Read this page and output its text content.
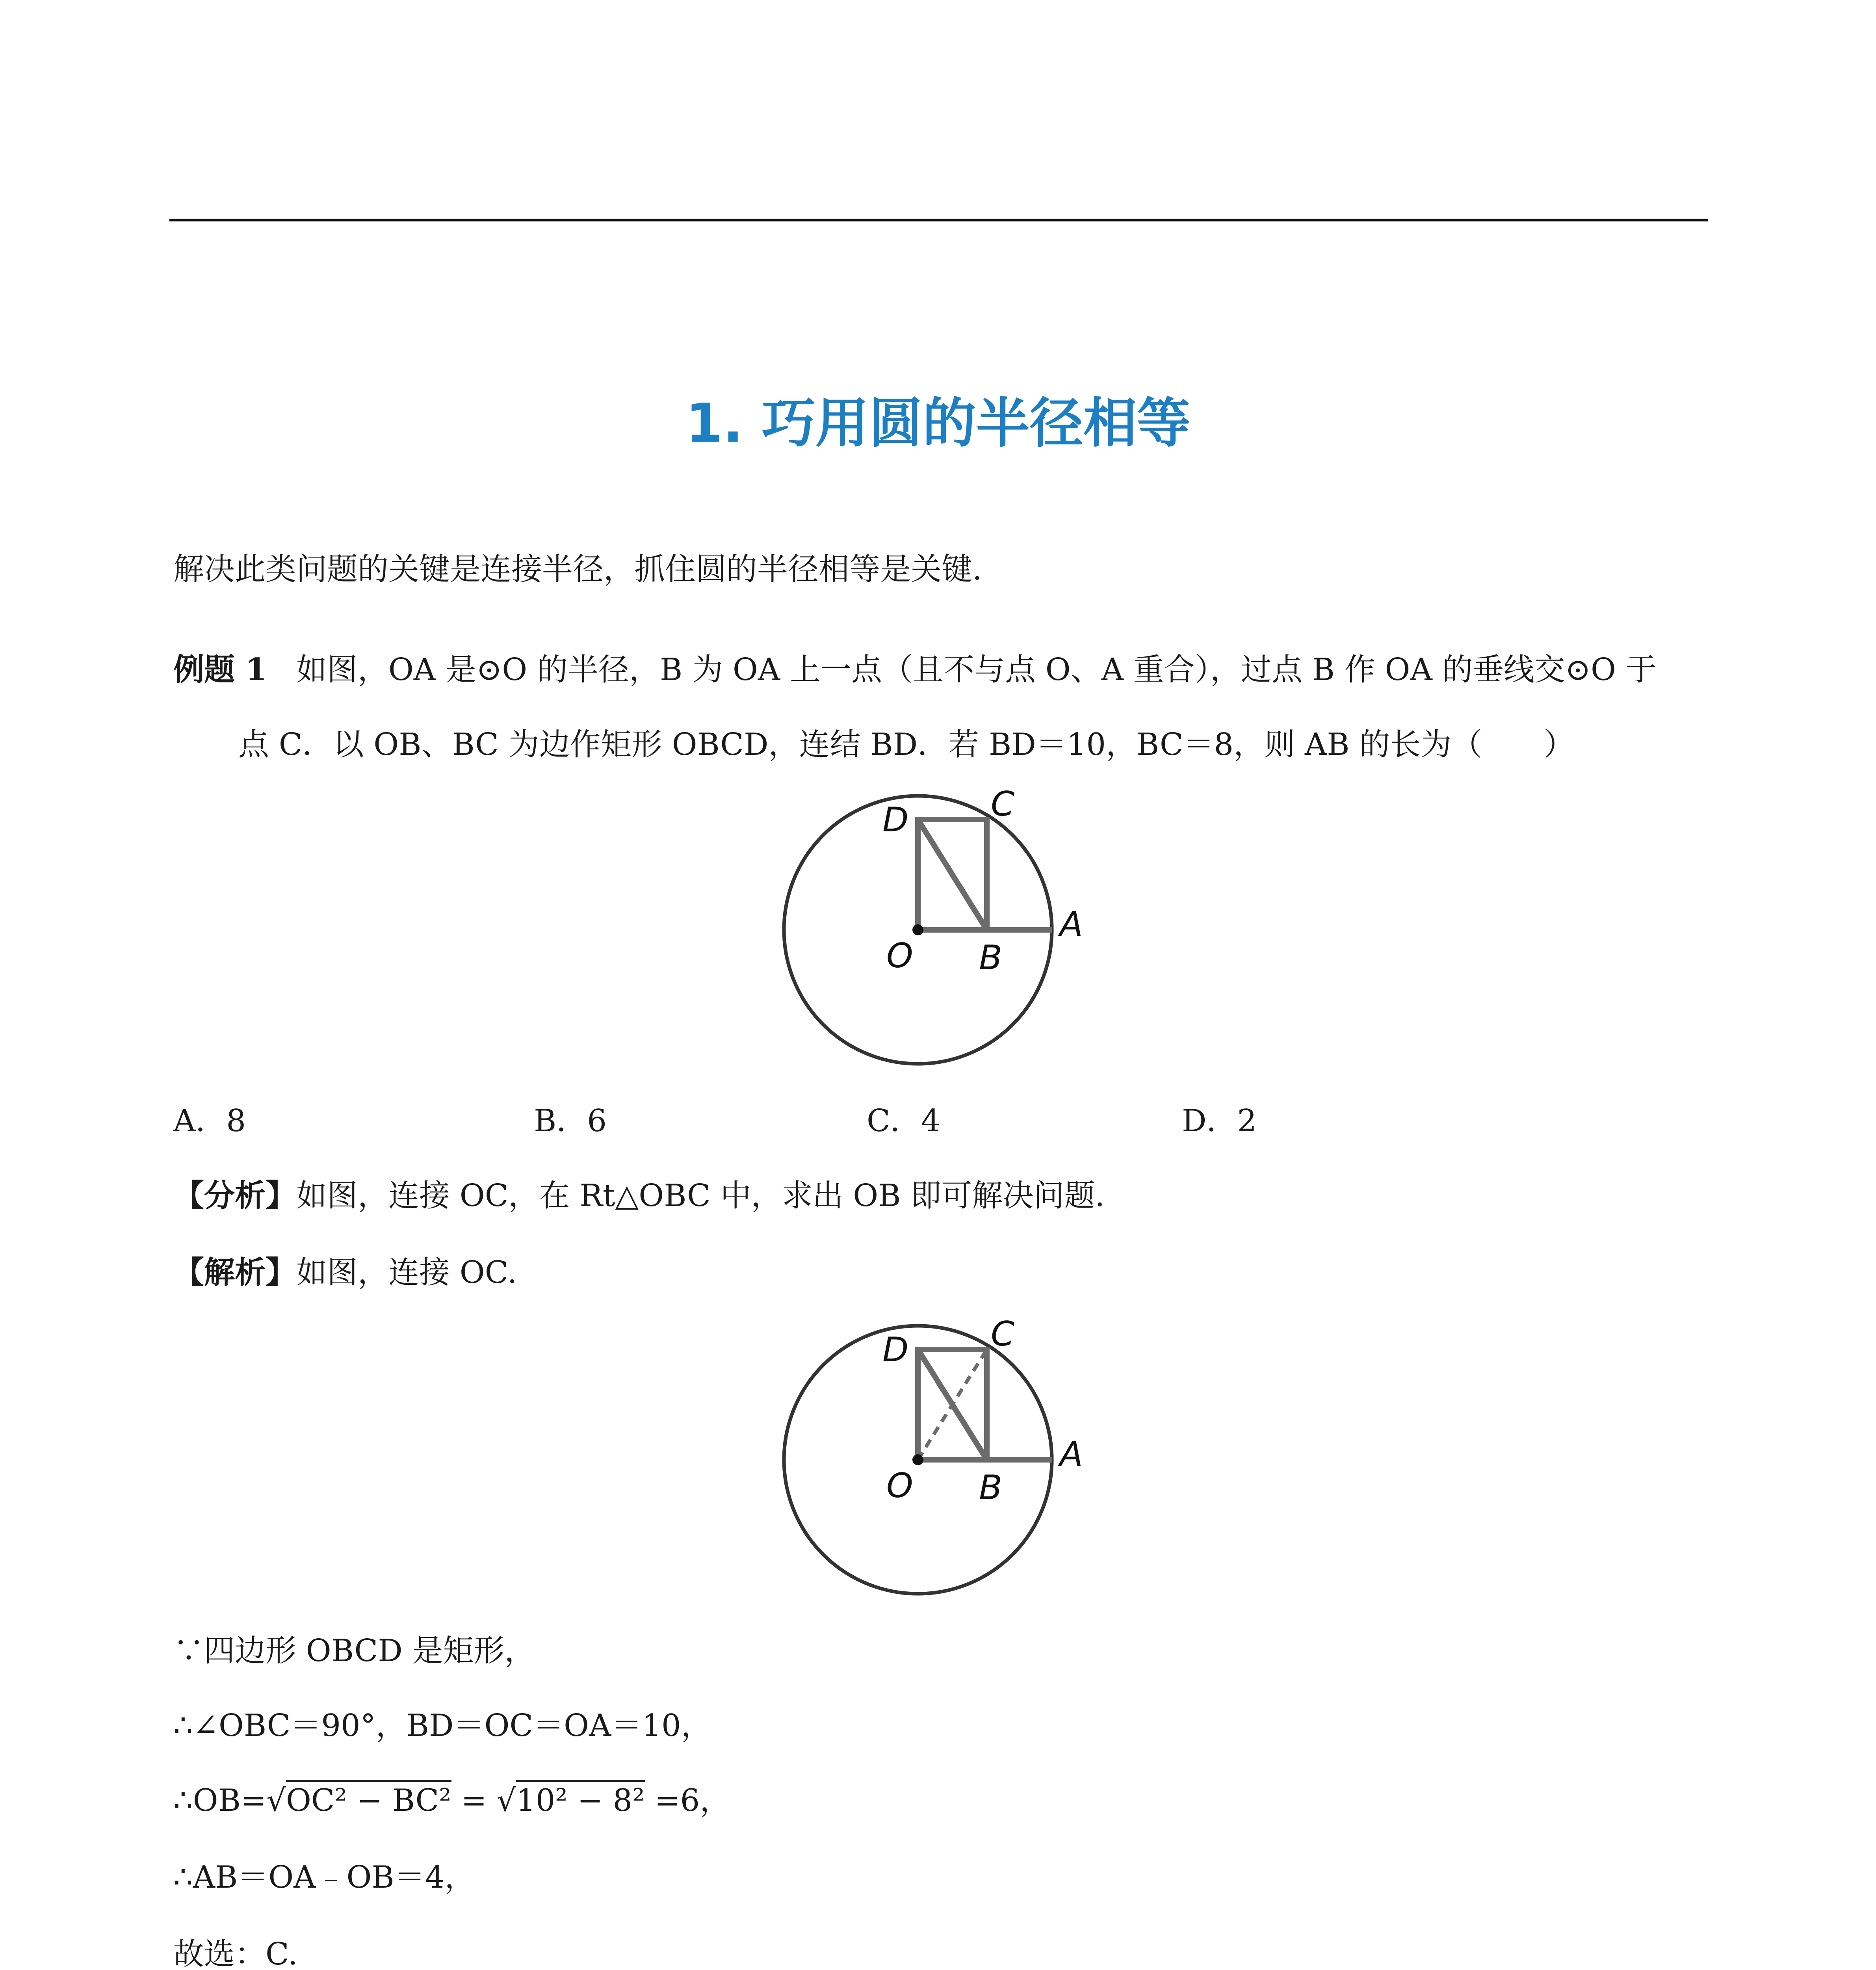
1. 巧用圆的半径相等
解决此类问题的关键是连接半径，抓住圆的半径相等是关键.
例题 1 如图，OA 是⊙O 的半径，B 为 OA 上一点（且不与点 O、A 重合），过点 B 作 OA 的垂线交⊙O 于
点 C．以 OB、BC 为边作矩形 OBCD，连结 BD．若 BD＝10，BC＝8，则 AB 的长为（　　）
C
D
A
O B
A．8	B．6	C．4	D．2
【分析】如图，连接 OC，在 Rt△OBC 中，求出 OB 即可解决问题.
【解析】如图，连接 OC.
C
D
A
O B
∵四边形 OBCD 是矩形，
∴∠OBC＝90°，BD＝OC＝OA＝10，
∴OB=√OC² − BC² = √10² − 8² =6，
∴AB＝OA﹣OB＝4，
故选：C.
